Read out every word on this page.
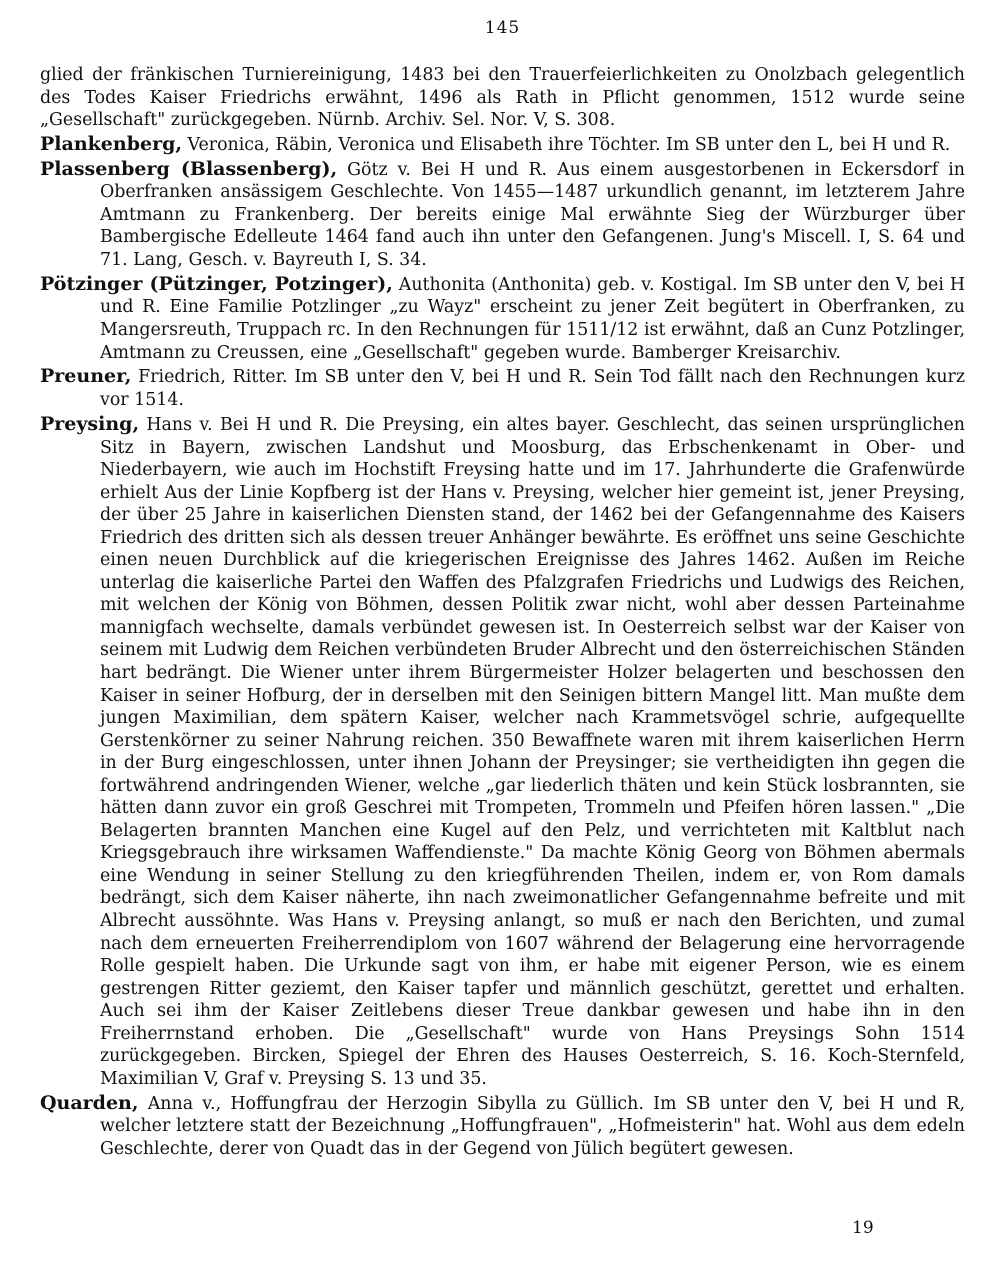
145

glied der fränkischen Turniereinigung, 1483 bei den Trauerfeierlichkeiten zu Onolzbach gelegentlich des Todes Kaiser Friedrichs erwähnt, 1496 als Rath in Pflicht genommen, 1512 wurde seine „Gesellschaft" zurückgegeben. Nürnb. Archiv. Sel. Nor. V, S. 308.

Plankenberg, Veronica, Räbin, Veronica und Elisabeth ihre Töchter. Im SB unter den L, bei H und R.

Plassenberg (Blassenberg), Götz v. Bei H und R. Aus einem ausgestorbenen in Eckersdorf in Oberfranken ansässigem Geschlechte. Von 1455—1487 urkundlich genannt, im letzterem Jahre Amtmann zu Frankenberg. Der bereits einige Mal erwähnte Sieg der Würzburger über Bambergische Edelleute 1464 fand auch ihn unter den Gefangenen. Jung's Miscell. I, S. 64 und 71. Lang, Gesch. v. Bayreuth I, S. 34.

Pötzinger (Pützinger, Potzinger), Authonita (Anthonita) geb. v. Kostigal. Im SB unter den V, bei H und R. Eine Familie Potzlinger „zu Wayz" erscheint zu jener Zeit begütert in Oberfranken, zu Mangersreuth, Truppach rc. In den Rechnungen für 1511/12 ist erwähnt, daß an Cunz Potzlinger, Amtmann zu Creussen, eine „Gesellschaft" gegeben wurde. Bamberger Kreisarchiv.

Preuner, Friedrich, Ritter. Im SB unter den V, bei H und R. Sein Tod fällt nach den Rechnungen kurz vor 1514.

Preysing, Hans v. Bei H und R. Die Preysing, ein altes bayer. Geschlecht, das seinen ursprünglichen Sitz in Bayern, zwischen Landshut und Moosburg, das Erbschenkenamt in Ober- und Niederbayern, wie auch im Hochstift Freysing hatte und im 17. Jahrhunderte die Grafenwürde erhielt Aus der Linie Kopfberg ist der Hans v. Preysing, welcher hier gemeint ist, jener Preysing, der über 25 Jahre in kaiserlichen Diensten stand, der 1462 bei der Gefangennahme des Kaisers Friedrich des dritten sich als dessen treuer Anhänger bewährte. Es eröffnet uns seine Geschichte einen neuen Durchblick auf die kriegerischen Ereignisse des Jahres 1462. Außen im Reiche unterlag die kaiserliche Partei den Waffen des Pfalzgrafen Friedrichs und Ludwigs des Reichen, mit welchen der König von Böhmen, dessen Politik zwar nicht, wohl aber dessen Parteinahme mannigfach wechselte, damals verbündet gewesen ist. In Oesterreich selbst war der Kaiser von seinem mit Ludwig dem Reichen verbündeten Bruder Albrecht und den österreichischen Ständen hart bedrängt. Die Wiener unter ihrem Bürgermeister Holzer belagerten und beschossen den Kaiser in seiner Hofburg, der in derselben mit den Seinigen bittern Mangel litt. Man mußte dem jungen Maximilian, dem spätern Kaiser, welcher nach Krammetsvögel schrie, aufgequellte Gerstenkörner zu seiner Nahrung reichen. 350 Bewaffnete waren mit ihrem kaiserlichen Herrn in der Burg eingeschlossen, unter ihnen Johann der Preysinger; sie vertheidigten ihn gegen die fortwährend andringenden Wiener, welche „gar liederlich thäten und kein Stück losbrannten, sie hätten dann zuvor ein groß Geschrei mit Trompeten, Trommeln und Pfeifen hören lassen." „Die Belagerten brannten Manchen eine Kugel auf den Pelz, und verrichteten mit Kaltblut nach Kriegsgebrauch ihre wirksamen Waffendienste." Da machte König Georg von Böhmen abermals eine Wendung in seiner Stellung zu den kriegführenden Theilen, indem er, von Rom damals bedrängt, sich dem Kaiser näherte, ihn nach zweimonatlicher Gefangennahme befreite und mit Albrecht aussöhnte. Was Hans v. Preysing anlangt, so muß er nach den Berichten, und zumal nach dem erneuerten Freiherrendiplom von 1607 während der Belagerung eine hervorragende Rolle gespielt haben. Die Urkunde sagt von ihm, er habe mit eigener Person, wie es einem gestrengen Ritter geziemt, den Kaiser tapfer und männlich geschützt, gerettet und erhalten. Auch sei ihm der Kaiser Zeitlebens dieser Treue dankbar gewesen und habe ihn in den Freiherrnstand erhoben. Die „Gesellschaft" wurde von Hans Preysings Sohn 1514 zurückgegeben. Bircken, Spiegel der Ehren des Hauses Oesterreich, S. 16. Koch-Sternfeld, Maximilian V, Graf v. Preysing S. 13 und 35.

Quarden, Anna v., Hoffungfrau der Herzogin Sibylla zu Güllich. Im SB unter den V, bei H und R, welcher letztere statt der Bezeichnung „Hoffungfrauen", „Hofmeisterin" hat. Wohl aus dem edeln Geschlechte, derer von Quadt das in der Gegend von Jülich begütert gewesen.

19
